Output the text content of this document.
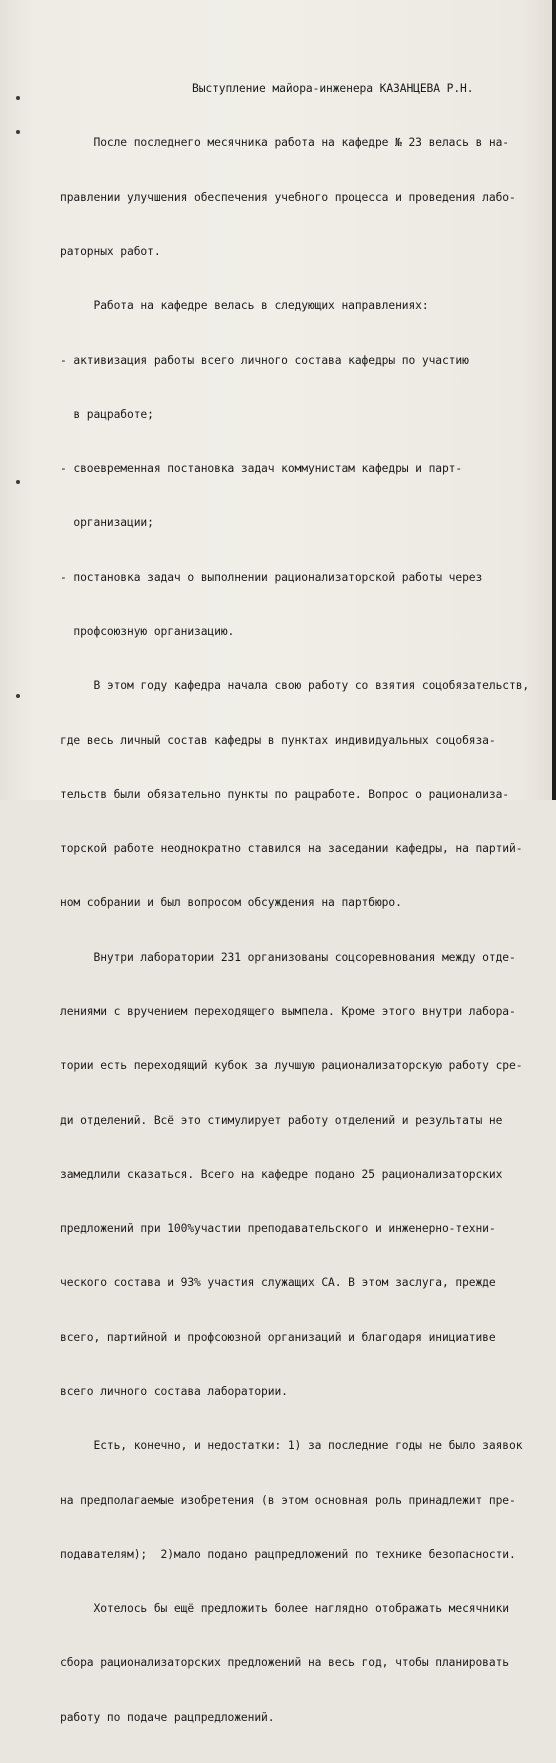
Выступление майора-инженера КАЗАНЦЕВА Р.Н.

После последнего месячника работа на кафедре № 23 велась в на-

правлении улучшения обеспечения учебного процесса и проведения лабо-

раторных работ.

Работа на кафедре велась в следующих направлениях:

- активизация работы всего личного состава кафедры по участию

в рацработе;

- своевременная постановка задач коммунистам кафедры и парт-

организации;

- постановка задач о выполнении рационализаторской работы через

профсоюзную организацию.

В этом году кафедра начала свою работу со взятия соцобязательств,

где весь личный состав кафедры в пунктах индивидуальных соцобяза-

тельств были обязательно пункты по рацработе. Вопрос о рационализа-

торской работе неоднократно ставился на заседании кафедры, на партий-

ном собрании и был вопросом обсуждения на партбюро.

Внутри лаборатории 231 организованы соцсоревнования между отде-

лениями с вручением переходящего вымпела. Кроме этого внутри лабора-

тории есть переходящий кубок за лучшую рационализаторскую работу сре-

ди отделений. Всё это стимулирует работу отделений и результаты не

замедлили сказаться. Всего на кафедре подано 25 рационализаторских

предложений при 100%участии преподавательского и инженерно-техни-

ческого состава и 93% участия служащих СА. В этом заслуга, прежде

всего, партийной и профсоюзной организаций и благодаря инициативе

всего личного состава лаборатории.

Есть, конечно, и недостатки: 1) за последние годы не было заявок

на предполагаемые изобретения (в этом основная роль принадлежит пре-

подавателям);  2)мало подано рацпредложений по технике безопасности.

Хотелось бы ещё предложить более наглядно отображать месячники

сбора рационализаторских предложений на весь год, чтобы планировать

работу по подаче рацпредложений.
